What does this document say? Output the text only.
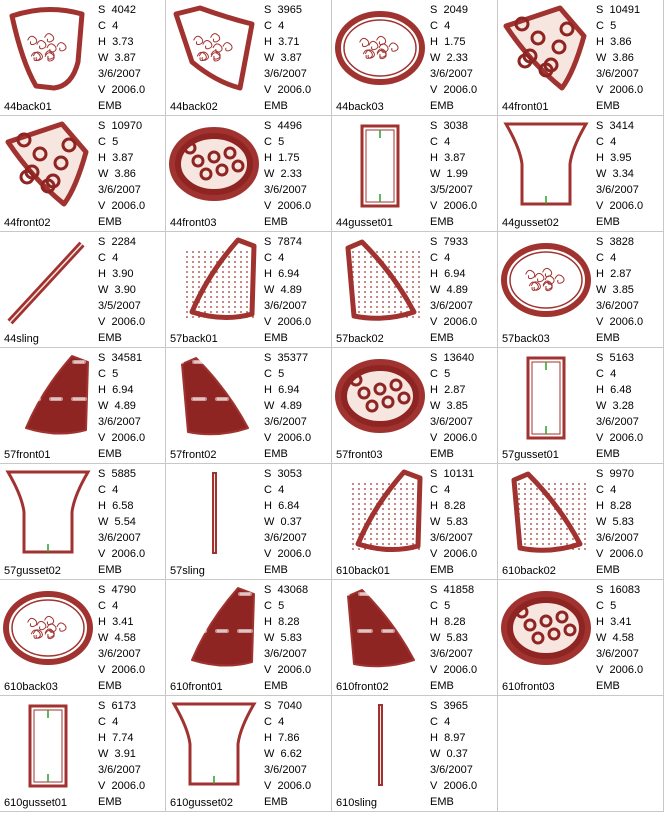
44back01
S 4042
C 4
H 3.73
W 3.87
3/6/2007
V 2006.0
EMB	44back02
S 3965
C 4
H 3.71
W 3.87
3/6/2007
V 2006.0
EMB	44back03
S 2049
C 4
H 1.75
W 2.33
3/6/2007
V 2006.0
EMB	44front01
S 10491
C 5
H 3.86
W 3.86
3/6/2007
V 2006.0
EMB
44front02
S 10970
C 5
H 3.87
W 3.86
3/6/2007
V 2006.0
EMB	44front03
S 4496
C 5
H 1.75
W 2.33
3/6/2007
V 2006.0
EMB	44gusset01
S 3038
C 4
H 3.87
W 1.99
3/5/2007
V 2006.0
EMB	44gusset02
S 3414
C 4
H 3.95
W 3.34
3/6/2007
V 2006.0
EMB
44sling
S 2284
C 4
H 3.90
W 3.90
3/5/2007
V 2006.0
EMB	57back01
S 7874
C 4
H 6.94
W 4.89
3/6/2007
V 2006.0
EMB	57back02
S 7933
C 4
H 6.94
W 4.89
3/6/2007
V 2006.0
EMB	57back03
S 3828
C 4
H 2.87
W 3.85
3/6/2007
V 2006.0
EMB
57front01
S 34581
C 5
H 6.94
W 4.89
3/6/2007
V 2006.0
EMB	57front02
S 35377
C 5
H 6.94
W 4.89
3/6/2007
V 2006.0
EMB	57front03
S 13640
C 5
H 2.87
W 3.85
3/6/2007
V 2006.0
EMB	57gusset01
S 5163
C 4
H 6.48
W 3.28
3/6/2007
V 2006.0
EMB
57gusset02
S 5885
C 4
H 6.58
W 5.54
3/6/2007
V 2006.0
EMB	57sling
S 3053
C 4
H 6.84
W 0.37
3/6/2007
V 2006.0
EMB	610back01
S 10131
C 4
H 8.28
W 5.83
3/6/2007
V 2006.0
EMB	610back02
S 9970
C 4
H 8.28
W 5.83
3/6/2007
V 2006.0
EMB
610back03
S 4790
C 4
H 3.41
W 4.58
3/6/2007
V 2006.0
EMB	610front01
S 43068
C 5
H 8.28
W 5.83
3/6/2007
V 2006.0
EMB	610front02
S 41858
C 5
H 8.28
W 5.83
3/6/2007
V 2006.0
EMB	610front03
S 16083
C 5
H 3.41
W 4.58
3/6/2007
V 2006.0
EMB
610gusset01
S 6173
C 4
H 7.74
W 3.91
3/6/2007
V 2006.0
EMB	610gusset02
S 7040
C 4
H 7.86
W 6.62
3/6/2007
V 2006.0
EMB	610sling
S 3965
C 4
H 8.97
W 0.37
3/6/2007
V 2006.0
EMB
